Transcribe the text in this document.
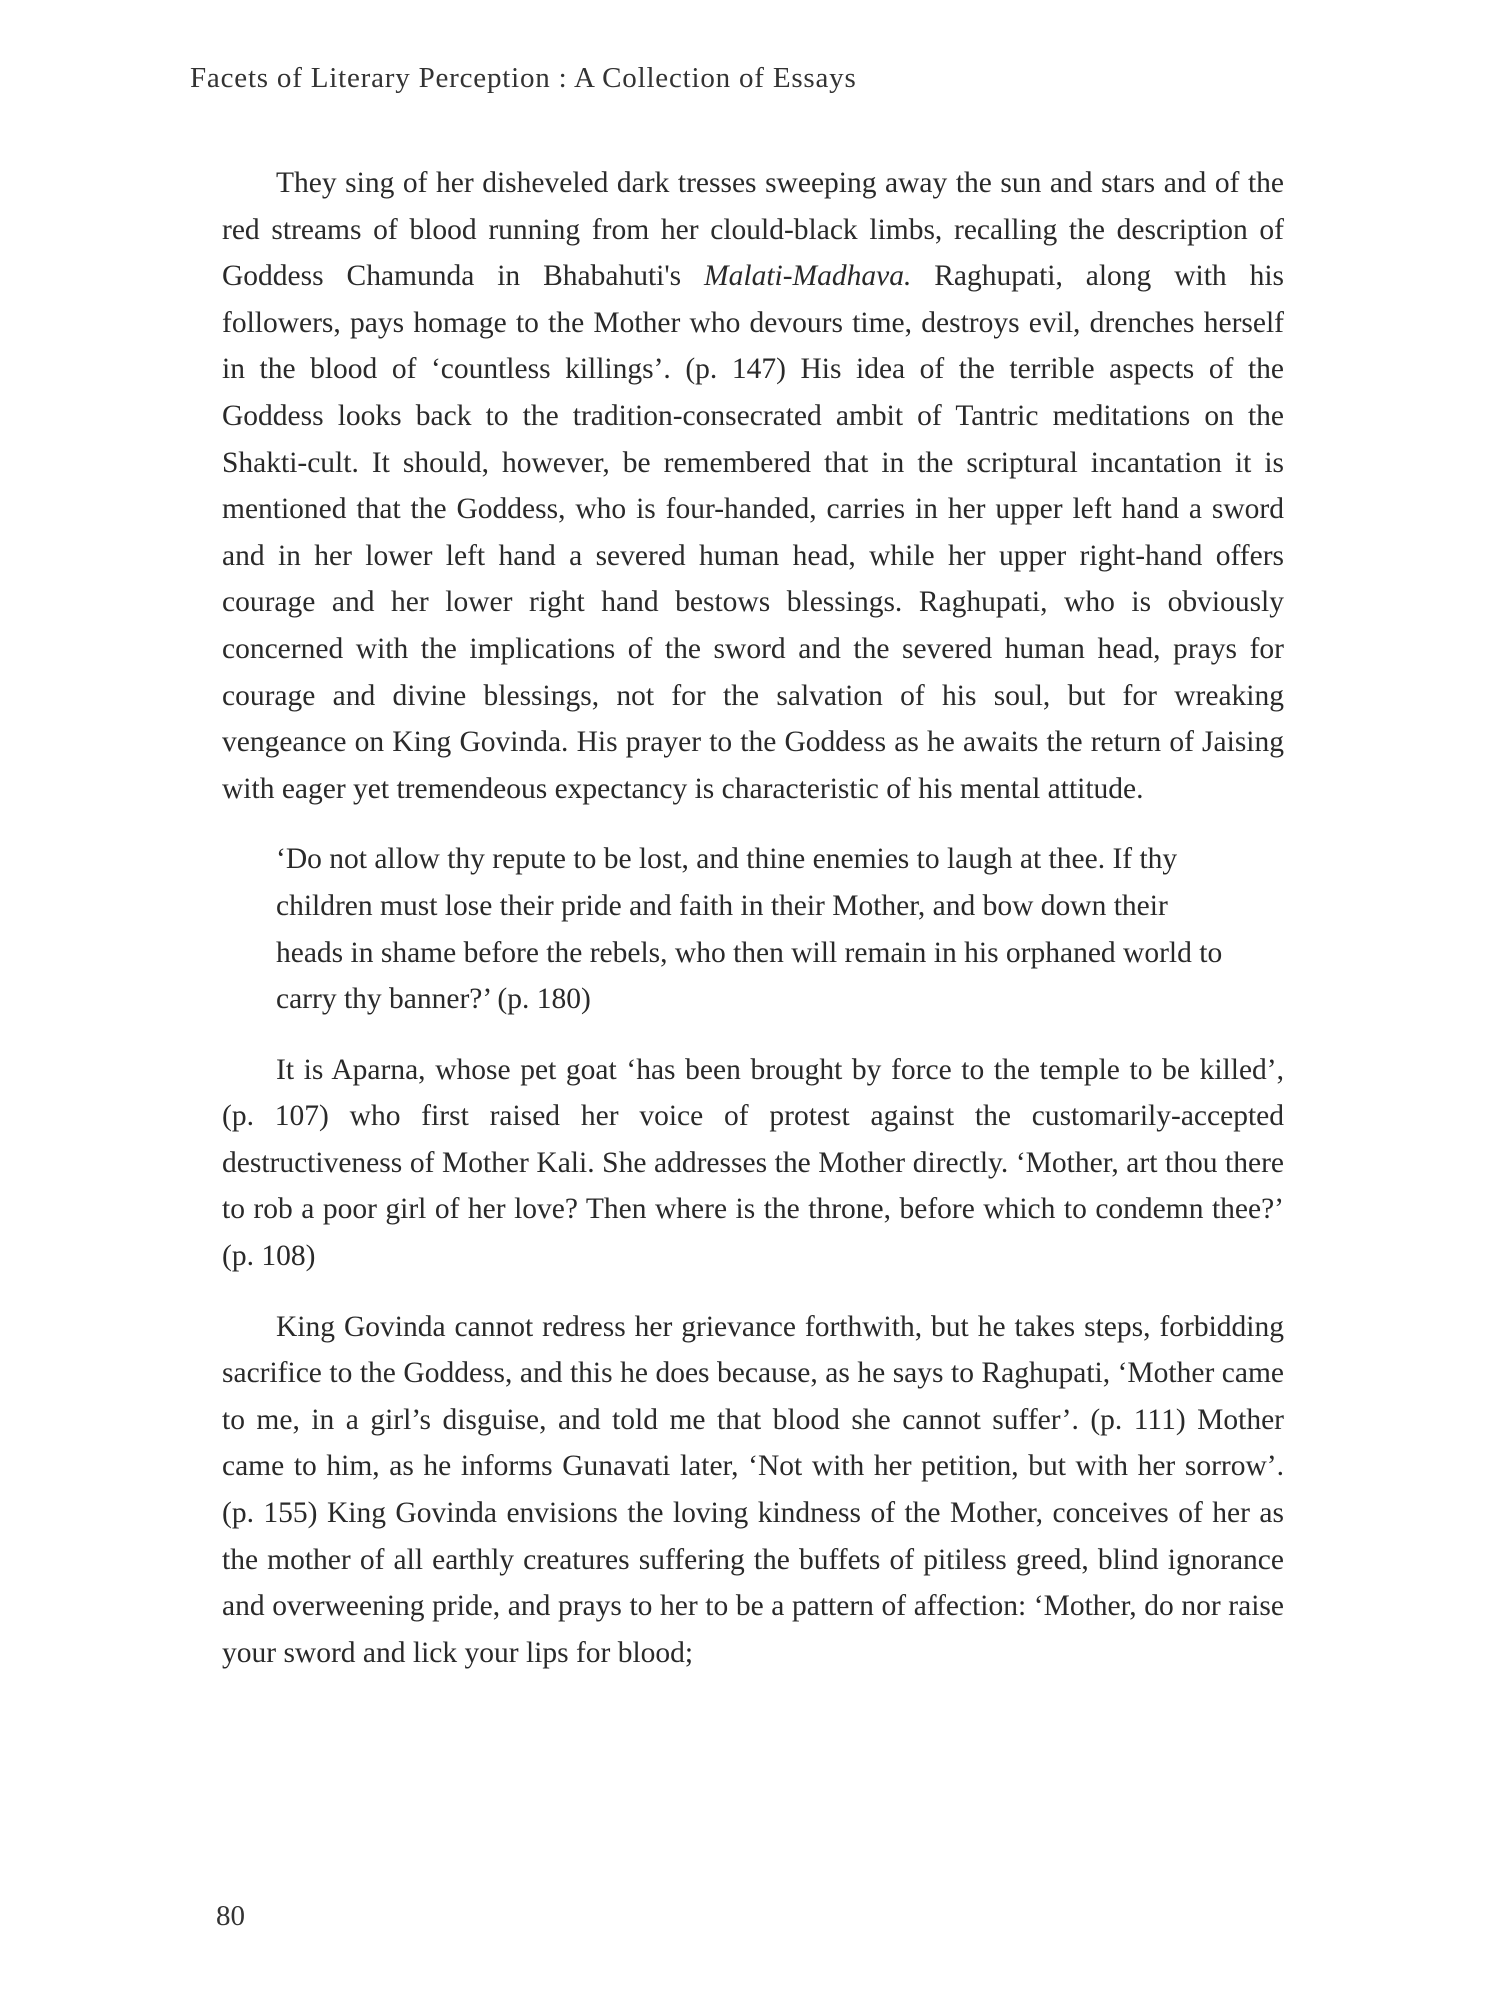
Facets of Literary Perception : A Collection of Essays

They sing of her disheveled dark tresses sweeping away the sun and stars and of the red streams of blood running from her clould-black limbs, recalling the description of Goddess Chamunda in Bhabahuti's Malati-Madhava. Raghupati, along with his followers, pays homage to the Mother who devours time, destroys evil, drenches herself in the blood of ‘countless killings’. (p. 147) His idea of the terrible aspects of the Goddess looks back to the tradition-consecrated ambit of Tantric meditations on the Shakti-cult. It should, however, be remembered that in the scriptural incantation it is mentioned that the Goddess, who is four-handed, carries in her upper left hand a sword and in her lower left hand a severed human head, while her upper right-hand offers courage and her lower right hand bestows blessings. Raghupati, who is obviously concerned with the implications of the sword and the severed human head, prays for courage and divine blessings, not for the salvation of his soul, but for wreaking vengeance on King Govinda. His prayer to the Goddess as he awaits the return of Jaising with eager yet tremendeous expectancy is characteristic of his mental attitude.

‘Do not allow thy repute to be lost, and thine enemies to laugh at thee. If thy children must lose their pride and faith in their Mother, and bow down their heads in shame before the rebels, who then will remain in his orphaned world to carry thy banner?’ (p. 180)

It is Aparna, whose pet goat ‘has been brought by force to the temple to be killed’, (p. 107) who first raised her voice of protest against the customarily-accepted destructiveness of Mother Kali. She addresses the Mother directly. ‘Mother, art thou there to rob a poor girl of her love? Then where is the throne, before which to condemn thee?’ (p. 108)

King Govinda cannot redress her grievance forthwith, but he takes steps, forbidding sacrifice to the Goddess, and this he does because, as he says to Raghupati, ‘Mother came to me, in a girl’s disguise, and told me that blood she cannot suffer’. (p. 111) Mother came to him, as he informs Gunavati later, ‘Not with her petition, but with her sorrow’. (p. 155) King Govinda envisions the loving kindness of the Mother, conceives of her as the mother of all earthly creatures suffering the buffets of pitiless greed, blind ignorance and overweening pride, and prays to her to be a pattern of affection: ‘Mother, do nor raise your sword and lick your lips for blood;

80
